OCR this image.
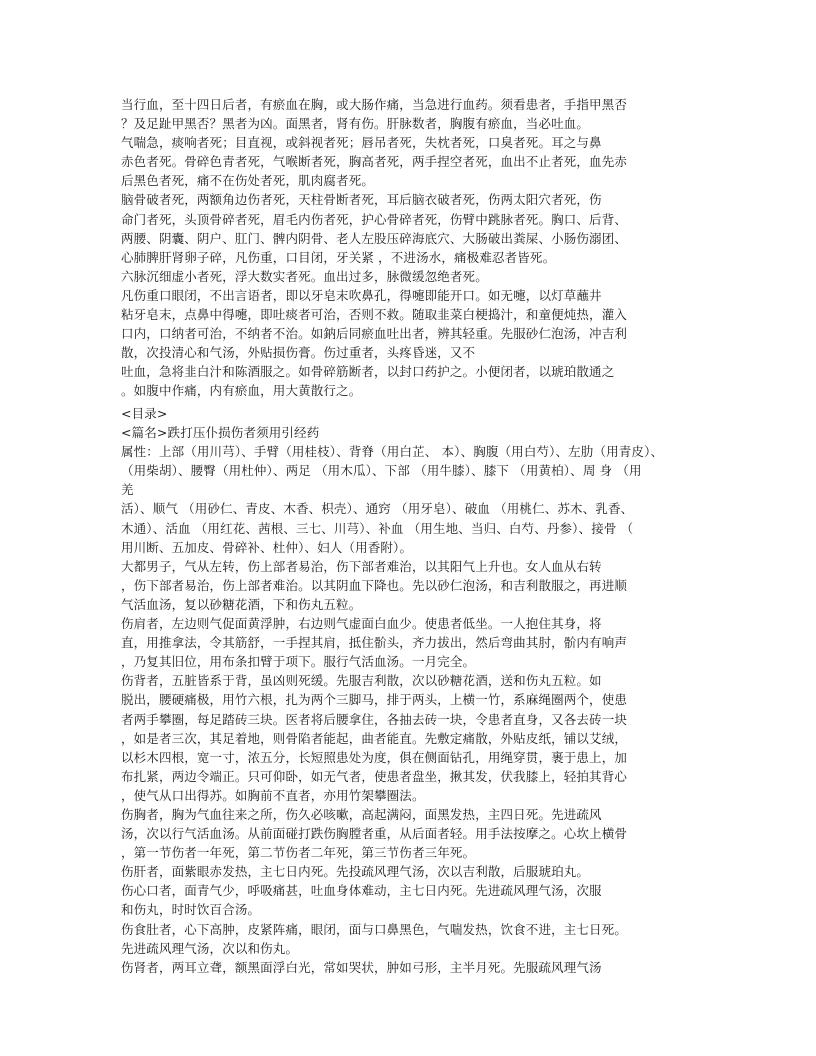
当行血，至十四日后者，有瘀血在胸，或大肠作痛，当急进行血药。须看患者，手指甲黑否
？及足趾甲黑否？黑者为凶。面黑者，肾有伤。肝脉数者，胸腹有瘀血，当必吐血。
气喘急，痰响者死；目直视，或斜视者死；唇吊者死，失枕者死，口臭者死。耳之与鼻
赤色者死。骨碎色青者死，气喉断者死，胸高者死，两手捏空者死，血出不止者死，血先赤
后黑色者死，痛不在伤处者死，肌肉腐者死。
脑骨破者死，两额角边伤者死，天柱骨断者死，耳后脑衣破者死，伤两太阳穴者死，伤
命门者死，头顶骨碎者死，眉毛内伤者死，护心骨碎者死，伤臂中跳脉者死。胸口、后背、
两腰、阴囊、阴户、肛门、髀内阴骨、老人左股压碎海底穴、大肠破出粪屎、小肠伤溺团、
心肺脾肝肾卵子碎，凡伤重，口目闭，牙关紧 ，不进汤水，痛极难忍者皆死。
六脉沉细虚小者死，浮大数实者死。血出过多，脉微缓忽绝者死。
凡伤重口眼闭，不出言语者，即以牙皂末吹鼻孔，得嚏即能开口。如无嚏，以灯草蘸井
粘牙皂末，点鼻中得嚏，即吐痰者可治，否则不救。随取韭菜白梗捣汁，和童便炖热，灌入
口内，口纳者可治，不纳者不治。如鈉后同瘀血吐出者，辨其轻重。先服砂仁泡汤，冲吉利
散，次投清心和气汤，外贴损伤膏。伤过重者，头疼昏迷，又不
吐血，急将韭白汁和陈酒服之。如骨碎筋断者，以封口药护之。小便闭者，以琥珀散通之
。如腹中作痛，内有瘀血，用大黄散行之。
<目录>
<篇名>跌打压仆损伤者须用引经药
属性：上部（用川芎）、手臂（用桂枝）、背脊（用白芷、 本）、胸腹（用白芍）、左肋（用青皮）、
（用柴胡）、腰臀（用杜仲）、两足 （用木瓜）、下部 （用牛膝）、膝下 （用黄柏）、周 身 （用
羌
活）、顺气 （用砂仁、青皮、木香、枳壳）、通窍 （用牙皂）、破血 （用桃仁、苏木、乳香、
木通）、活血 （用红花、茜根、三七、川芎）、补血 （用生地、当归、白芍、丹参）、接骨 （
用川断、五加皮、骨碎补、杜仲）、妇人（用香附）。
大都男子，气从左转，伤上部者易治，伤下部者难治，以其阳气上升也。女人血从右转
，伤下部者易治，伤上部者难治。以其阴血下降也。先以砂仁泡汤，和吉利散服之，再进顺
气活血汤，复以砂糖花酒，下和伤丸五粒。
伤肩者，左边则气促面黄浮肿，右边则气虚面白血少。使患者低坐。一人抱住其身，将
直，用推拿法，令其筋舒，一手捏其肩，抵住骱头，齐力拔出，然后弯曲其肘，骱内有响声
，乃复其旧位，用布条扣臂于项下。服行气活血汤。一月完全。
伤背者，五脏皆系于背，虽凶则死缓。先服吉利散，次以砂糖花酒，送和伤丸五粒。如
脱出，腰硬痛极，用竹六根，扎为两个三脚马，排于两头，上横一竹，系麻绳圈两个，使患
者两手攀圈，每足踏砖三块。医者将后腰拿住，各抽去砖一块，令患者直身，又各去砖一块
，如是者三次，其足着地，则骨陷者能起，曲者能直。先敷定痛散，外贴皮纸，铺以艾绒，
以杉木四根，宽一寸，浓五分，长短照患处为度，俱在侧面钻孔，用绳穿贯，裹于患上，加
布扎紧，两边令端正。只可仰卧，如无气者，使患者盘坐，揪其发，伏我膝上，轻拍其背心
，使气从口出得苏。如胸前不直者，亦用竹架攀圈法。
伤胸者，胸为气血往来之所，伤久必咳嗽，高起满闷，面黑发热，主四日死。先进疏风
汤，次以行气活血汤。从前面碰打跌伤胸膛者重，从后面者轻。用手法按摩之。心坎上横骨
，第一节伤者一年死，第二节伤者二年死，第三节伤者三年死。
伤肝者，面紫眼赤发热，主七日内死。先投疏风理气汤，次以吉利散，后服琥珀丸。
伤心口者，面青气少，呼吸痛甚，吐血身体难动，主七日内死。先进疏风理气汤，次服
和伤丸，时时饮百合汤。
伤食肚者，心下高肿，皮紧阵痛，眼闭，面与口鼻黑色，气喘发热，饮食不进，主七日死。
先进疏风理气汤，次以和伤丸。
伤肾者，两耳立聋，额黑面浮白光，常如哭状，肿如弓形，主半月死。先服疏风理气汤
